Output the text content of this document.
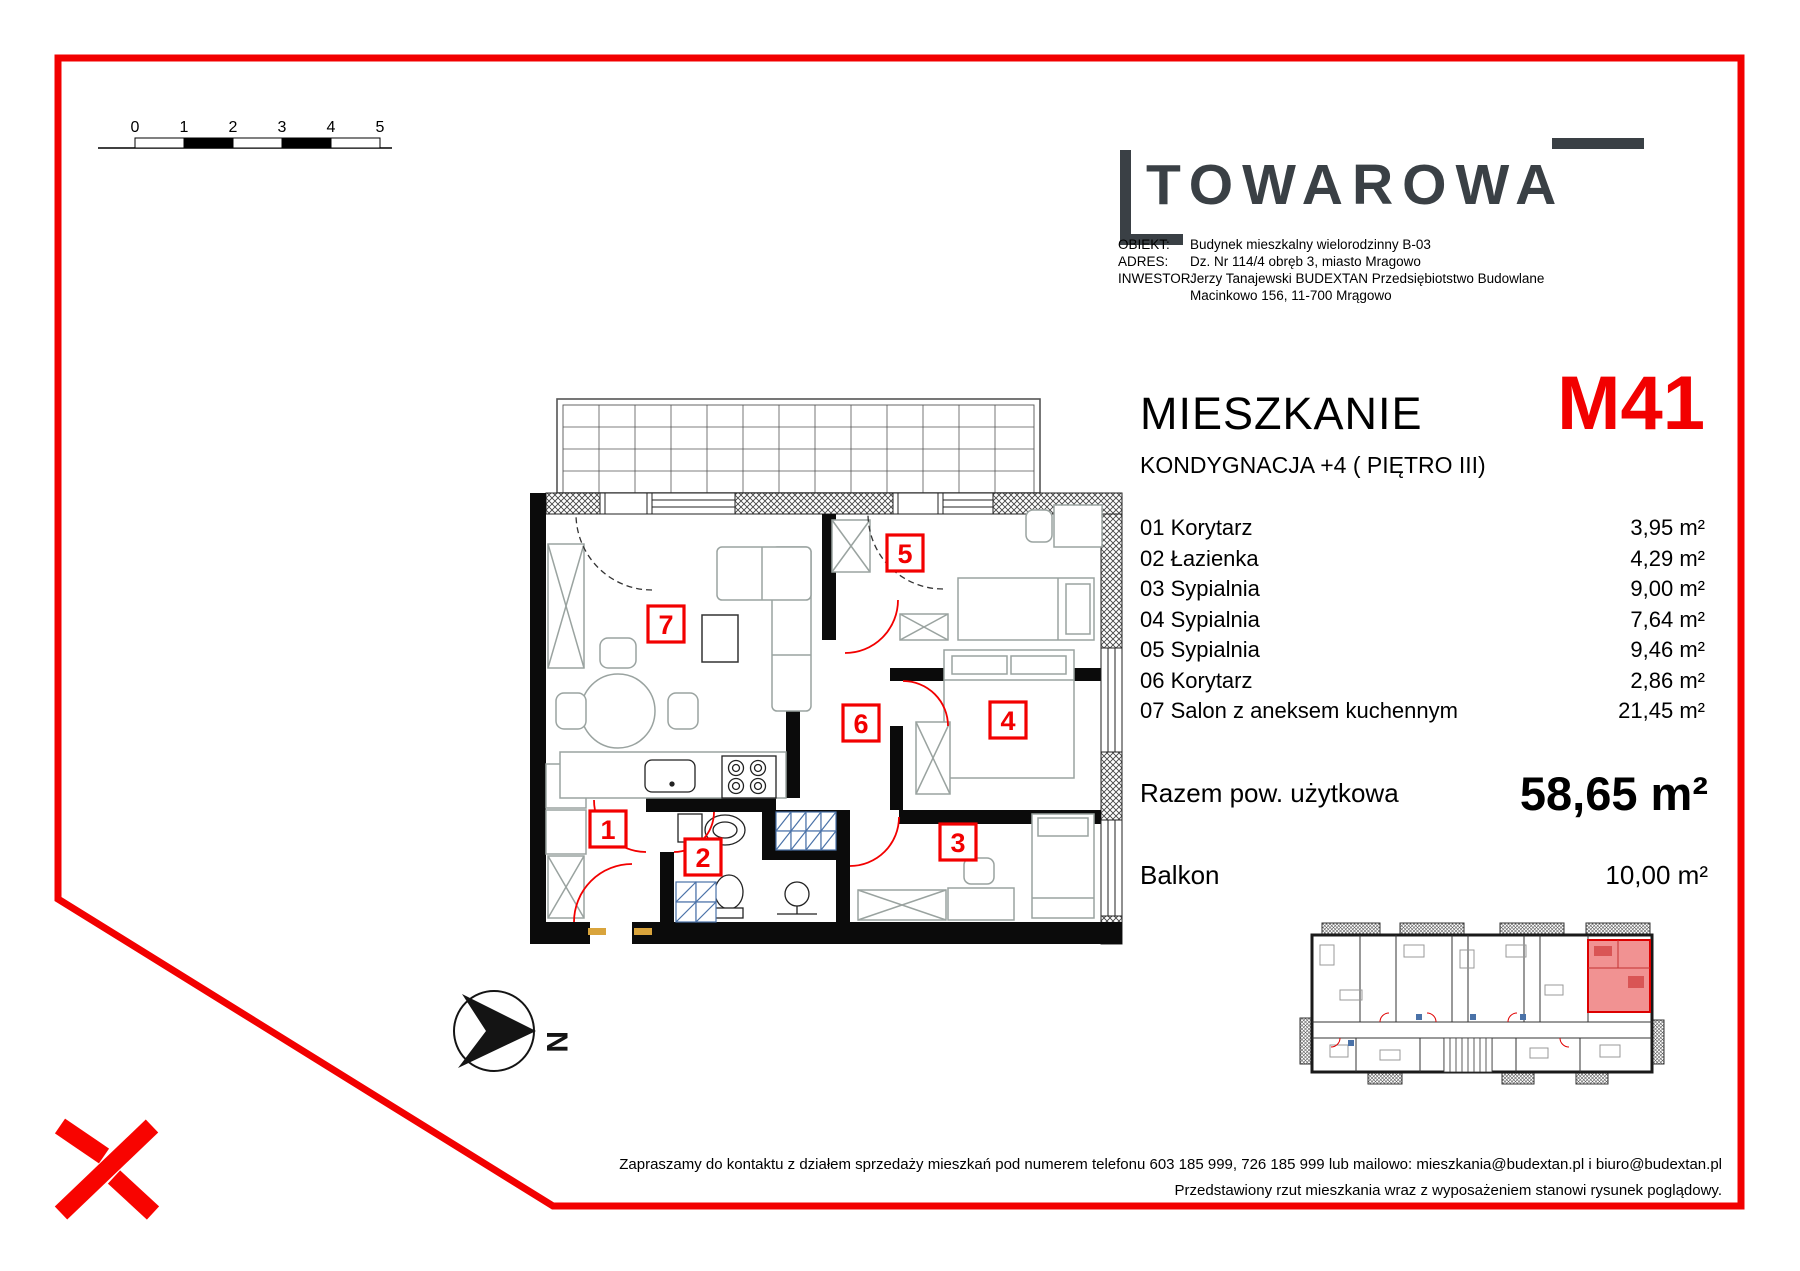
0	1	2	3	4	5
1
2	3
4
5
6
7
N
TOWAROWA
OBIEKT:	Budynek mieszkalny wielorodzinny B-03
ADRES:	Dz. Nr 114/4 obręb 3, miasto Mragowo
INWESTOR:
Jerzy Tanajewski BUDEXTAN Przedsiębiotstwo Budowlane
Macinkowo 156, 11-700 Mrągowo
MIESZKANIE M41
KONDYGNACJA +4 ( PIĘTRO III)
01 Korytarz	3,95 m²
02 Łazienka	4,29 m²
03 Sypialnia	9,00 m²
04 Sypialnia	7,64 m²
05 Sypialnia	9,46 m²
06 Korytarz	2,86 m²
07 Salon z aneksem kuchennym	21,45 m²
Razem pow. użytkowa	58,65 m²
Balkon	10,00 m²
Zapraszamy do kontaktu z działem sprzedaży mieszkań pod numerem telefonu 603 185 999, 726 185 999 lub mailowo: mieszkania@budextan.pl i biuro@budextan.pl
Przedstawiony rzut mieszkania wraz z wyposażeniem stanowi rysunek poglądowy.
